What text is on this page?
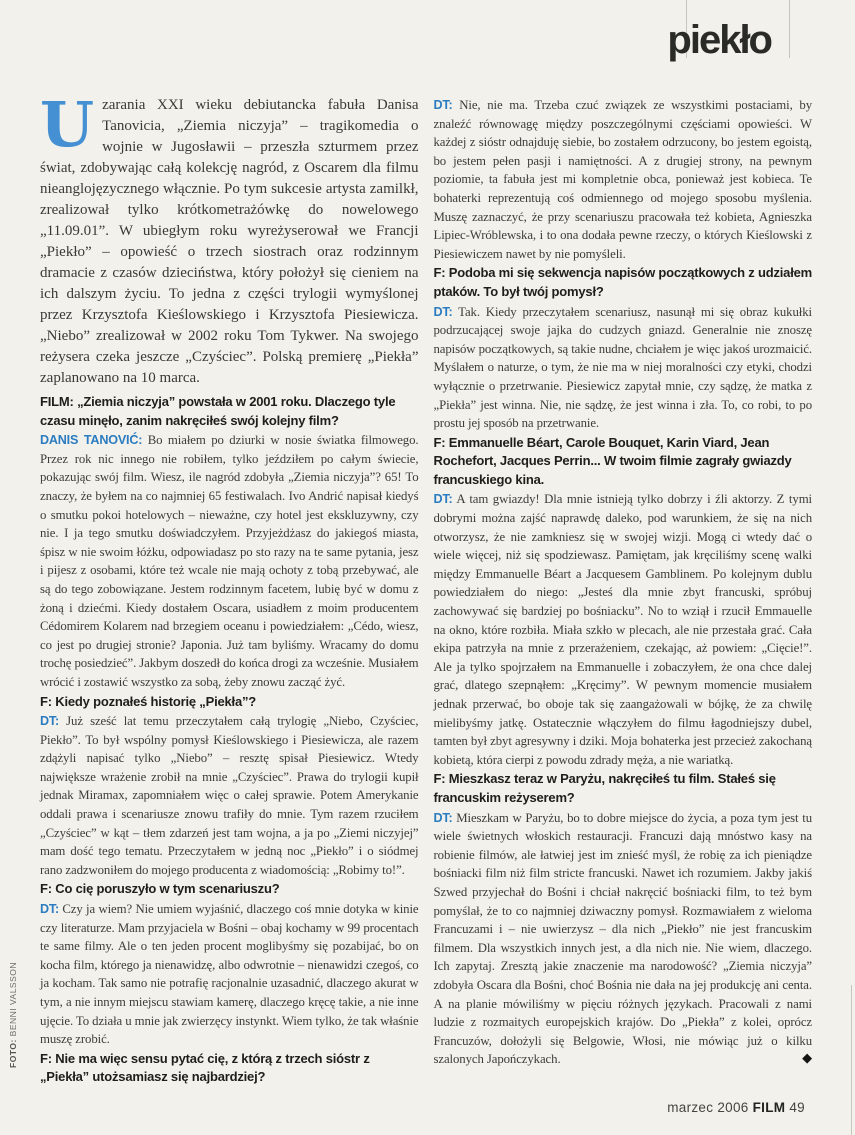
piekło
FOTO: BENNI VALSSON

Uzarania XXI wieku debiutancka fabuła Danisa Tanovicia, „Ziemia niczyja” – tragikomedia o wojnie w Jugosławii – przeszła szturmem przez świat, zdobywając całą kolekcję nagród, z Oscarem dla filmu nieanglojęzycznego włącznie. Po tym sukcesie artysta zamilkł, zrealizował tylko krótkometrażówkę do nowelowego „11.09.01”. W ubiegłym roku wyreżyserował we Francji „Piekło” – opowieść o trzech siostrach oraz rodzinnym dramacie z czasów dzieciństwa, który położył się cieniem na ich dalszym życiu. To jedna z części trylogii wymyślonej przez Krzysztofa Kieślowskiego i Krzysztofa Piesiewicza. „Niebo” zrealizował w 2002 roku Tom Tykwer. Na swojego reżysera czeka jeszcze „Czyściec”. Polską premierę „Piekła” zaplanowano na 10 marca.

FILM: „Ziemia niczyja” powstała w 2001 roku. Dlaczego tyle czasu minęło, zanim nakręciłeś swój kolejny film?

DANIS TANOVIĆ: Bo miałem po dziurki w nosie światka filmowego. Przez rok nic innego nie robiłem, tylko jeździłem po całym świecie, pokazując swój film. Wiesz, ile nagród zdobyła „Ziemia niczyja”? 65! To znaczy, że byłem na co najmniej 65 festiwalach. Ivo Andrić napisał kiedyś o smutku pokoi hotelowych – nieważne, czy hotel jest ekskluzywny, czy nie. I ja tego smutku doświadczyłem. Przyjeżdżasz do jakiegoś miasta, śpisz w nie swoim łóżku, odpowiadasz po sto razy na te same pytania, jesz i pijesz z osobami, które też wcale nie mają ochoty z tobą przebywać, ale są do tego zobowiązane. Jestem rodzinnym facetem, lubię być w domu z żoną i dziećmi. Kiedy dostałem Oscara, usiadłem z moim producentem Cédomirem Kolarem nad brzegiem oceanu i powiedziałem: „Cédo, wiesz, co jest po drugiej stronie? Japonia. Już tam byliśmy. Wracamy do domu trochę posiedzieć”. Jakbym doszedł do końca drogi za wcześnie. Musiałem wrócić i zostawić wszystko za sobą, żeby znowu zacząć żyć.

F: Kiedy poznałeś historię „Piekła”?

DT: Już sześć lat temu przeczytałem całą trylogię „Niebo, Czyściec, Piekło”. To był wspólny pomysł Kieślowskiego i Piesiewicza, ale razem zdążyli napisać tylko „Niebo” – resztę spisał Piesiewicz. Wtedy największe wrażenie zrobił na mnie „Czyściec”. Prawa do trylogii kupił jednak Miramax, zapomniałem więc o całej sprawie. Potem Amerykanie oddali prawa i scenariusze znowu trafiły do mnie. Tym razem rzuciłem „Czyściec” w kąt – tłem zdarzeń jest tam wojna, a ja po „Ziemi niczyjej” mam dość tego tematu. Przeczytałem w jedną noc „Piekło” i o siódmej rano zadzwoniłem do mojego producenta z wiadomością: „Robimy to!”.

F: Co cię poruszyło w tym scenariuszu?

DT: Czy ja wiem? Nie umiem wyjaśnić, dlaczego coś mnie dotyka w kinie czy literaturze. Mam przyjaciela w Bośni – obaj kochamy w 99 procentach te same filmy. Ale o ten jeden procent moglibyśmy się pozabijać, bo on kocha film, którego ja nienawidzę, albo odwrotnie – nienawidzi czegoś, co ja kocham. Tak samo nie potrafię racjonalnie uzasadnić, dlaczego akurat w tym, a nie innym miejscu stawiam kamerę, dlaczego kręcę takie, a nie inne ujęcie. To działa u mnie jak zwierzęcy instynkt. Wiem tylko, że tak właśnie muszę zrobić.

F: Nie ma więc sensu pytać cię, z którą z trzech sióstr z „Piekła” utożsamiasz się najbardziej?

DT: Nie, nie ma. Trzeba czuć związek ze wszystkimi postaciami, by znaleźć równowagę między poszczególnymi częściami opowieści. W każdej z sióstr odnajduję siebie, bo zostałem odrzucony, bo jestem egoistą, bo jestem pełen pasji i namiętności. A z drugiej strony, na pewnym poziomie, ta fabuła jest mi kompletnie obca, ponieważ jest kobieca. Te bohaterki reprezentują coś odmiennego od mojego sposobu myślenia. Muszę zaznaczyć, że przy scenariuszu pracowała też kobieta, Agnieszka Lipiec-Wróblewska, i to ona dodała pewne rzeczy, o których Kieślowski z Piesiewiczem nawet by nie pomyśleli.

F: Podoba mi się sekwencja napisów początkowych z udziałem ptaków. To był twój pomysł?

DT: Tak. Kiedy przeczytałem scenariusz, nasunął mi się obraz kukułki podrzucającej swoje jajka do cudzych gniazd. Generalnie nie znoszę napisów początkowych, są takie nudne, chciałem je więc jakoś urozmaicić. Myślałem o naturze, o tym, że nie ma w niej moralności czy etyki, chodzi wyłącznie o przetrwanie. Piesiewicz zapytał mnie, czy sądzę, że matka z „Piekła” jest winna. Nie, nie sądzę, że jest winna i zła. To, co robi, to po prostu jej sposób na przetrwanie.

F: Emmanuelle Béart, Carole Bouquet, Karin Viard, Jean Rochefort, Jacques Perrin... W twoim filmie zagrały gwiazdy francuskiego kina.

DT: A tam gwiazdy! Dla mnie istnieją tylko dobrzy i źli aktorzy. Z tymi dobrymi można zajść naprawdę daleko, pod warunkiem, że się na nich otworzysz, że nie zamkniesz się w swojej wizji. Mogą ci wtedy dać o wiele więcej, niż się spodziewasz. Pamiętam, jak kręciliśmy scenę walki między Emmanuelle Béart a Jacquesem Gamblinem. Po kolejnym dublu powiedziałem do niego: „Jesteś dla mnie zbyt francuski, spróbuj zachowywać się bardziej po bośniacku”. No to wziął i rzucił Emmauelle na okno, które rozbiła. Miała szkło w plecach, ale nie przestała grać. Cała ekipa patrzyła na mnie z przerażeniem, czekając, aż powiem: „Cięcie!”. Ale ja tylko spojrzałem na Emmanuelle i zobaczyłem, że ona chce dalej grać, dlatego szepnąłem: „Kręcimy”. W pewnym momencie musiałem jednak przerwać, bo oboje tak się zaangażowali w bójkę, że za chwilę mielibyśmy jatkę. Ostatecznie włączyłem do filmu łagodniejszy dubel, tamten był zbyt agresywny i dziki. Moja bohaterka jest przecież zakochaną kobietą, która cierpi z powodu zdrady męża, a nie wariatką.

F: Mieszkasz teraz w Paryżu, nakręciłeś tu film. Stałeś się francuskim reżyserem?

DT: Mieszkam w Paryżu, bo to dobre miejsce do życia, a poza tym jest tu wiele świetnych włoskich restauracji. Francuzi dają mnóstwo kasy na robienie filmów, ale łatwiej jest im znieść myśl, że robię za ich pieniądze bośniacki film niż film stricte francuski. Nawet ich rozumiem. Jakby jakiś Szwed przyjechał do Bośni i chciał nakręcić bośniacki film, to też bym pomyślał, że to co najmniej dziwaczny pomysł. Rozmawiałem z wieloma Francuzami i – nie uwierzysz – dla nich „Piekło” nie jest francuskim filmem. Dla wszystkich innych jest, a dla nich nie. Nie wiem, dlaczego. Ich zapytaj. Zresztą jakie znaczenie ma narodowość? „Ziemia niczyja” zdobyła Oscara dla Bośni, choć Bośnia nie dała na jej produkcję ani centa. A na planie mówiliśmy w pięciu różnych językach. Pracowali z nami ludzie z rozmaitych europejskich krajów. Do „Piekła” z kolei, oprócz Francuzów, dołożyli się Belgowie, Włosi, nie mówiąc już o kilku szalonych Japończykach.	◆

marzec 2006 FILM 49
